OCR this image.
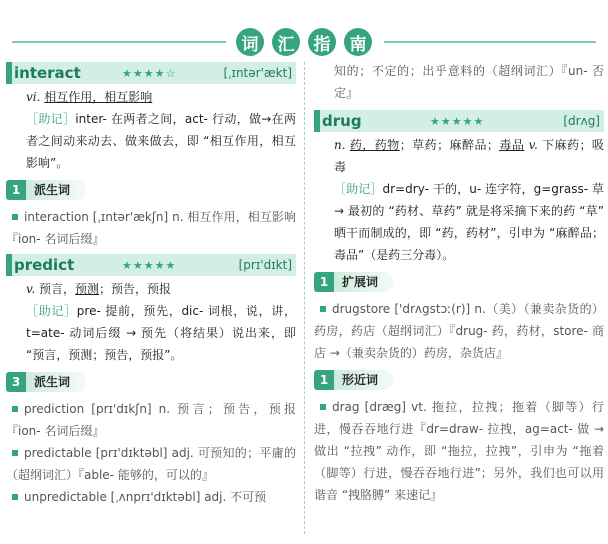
词	汇	指	南
interact	★★★★☆	[ˌɪntər'ækt]

vi. 相互作用，相互影响

［助记］inter- 在两者之间，act- 行动，做→在两者之间动来动去、做来做去，即 “相互作用，相互影响”。

1	派生词

interaction [ˌɪntər'ækʃn] n. 相互作用，相互影响『ion- 名词后缀』

predict	★★★★★	[prɪ'dɪkt]

v. 预言，预测；预告，预报

［助记］pre- 提前，预先，dic- 词根，说，讲，t=ate- 动词后缀 → 预先（将结果）说出来，即 “预言，预测；预告，预报”。

3	派生词

prediction [prɪ'dɪkʃn] n. 预言；预告，预报『ion- 名词后缀』

predictable [prɪ'dɪktəbl] adj. 可预知的；平庸的（超纲词汇）『able- 能够的，可以的』

unpredictable [ˌʌnprɪ'dɪktəbl] adj. 不可预

知的；不定的；出乎意料的（超纲词汇）『un- 否定』

drug	★★★★★	[drʌg]

n. 药，药物；草药；麻醉品；毒品 v. 下麻药；吸毒

［助记］dr=dry- 干的，u- 连字符，g=grass- 草 → 最初的 “药材、草药” 就是将采摘下来的药 “草” 晒干而制成的，即 “药，药材”，引申为 “麻醉品；毒品”（是药三分毒）。

1	扩展词

drugstore ['drʌgstɔː(r)] n.（美）（兼卖杂货的）药房，药店（超纲词汇）『drug- 药，药材，store- 商店 →（兼卖杂货的）药房，杂货店』

1	形近词

drag [dræg] vt. 拖拉，拉拽；拖着（脚等）行进，慢吞吞地行进『dr=draw- 拉拽，ag=act- 做 → 做出 “拉拽” 动作，即 “拖拉，拉拽”，引申为 “拖着（脚等）行进，慢吞吞地行进”；另外，我们也可以用谐音 “拽胳膊” 来速记』
